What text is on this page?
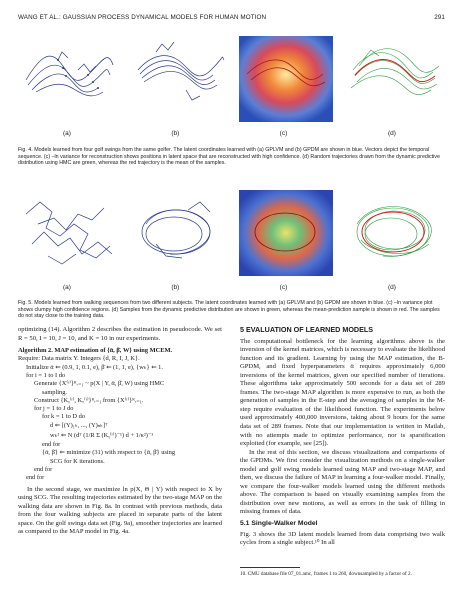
WANG ET AL.: GAUSSIAN PROCESS DYNAMICAL MODELS FOR HUMAN MOTION	291
(a)	(b)	(c)	(d)
Fig. 4. Models learned from four golf swings from the same golfer. The latent coordinates learned with (a) GPLVM and (b) GPDM are shown in blue. Vectors depict the temporal sequence. (c) –ln variance for reconstruction shows positions in latent space that are reconstructed with high confidence. (d) Random trajectories drawn from the dynamic predictive distribution using HMC are green, whereas the red trajectory is the mean of the samples.
(a)	(b)	(c)	(d)
Fig. 5. Models learned from walking sequences from two different subjects. The latent coordinates learned with (a) GPLVM and (b) GPDM are shown in blue. (c) –ln variance plot shows clumpy high confidence regions. (d) Samples from the dynamic predictive distribution are shown in green, whereas the mean-prediction sample is shown in red. The samples do not stay close to the training data.

optimizing (14). Algorithm 2 describes the estimation in pseudocode. We set R = 50, I = 10, J = 10, and K = 10 in our experiments.

Algorithm 2. MAP estimation of {ᾱ, β̄, W} using MCEM.
Require: Data matrix Y. Integers {d, R, I, J, K}.
Initialize ᾱ ⇐ (0.9, 1, 0.1, e), β̄ ⇐ (1, 1, e), {wₖ} ⇐ 1.
for i = 1 to I do
Generate {X⁽ʳ⁾}ᴿᵣ₌₁ ~ p(X | Y, ᾱ, β̄, W) using HMC
sampling.
Construct {Kᵧ⁽ʳ⁾, Kₓ⁽ʳ⁾}ᴿᵣ₌₁ from {X⁽ʳ⁾}ᴿᵣ₌₁.
for j = 1 to J do
for k = 1 to D do
d ⇐ [(Y)₁ₖ, ..., (Y)ₙₖ]ᵀ
wₖ² ⇐ N (dᵀ (1/R Σ (Kᵧ⁽ʳ⁾)⁻¹) d + 1/κ²)⁻¹
end for
{ᾱ, β̄} ⇐ minimize (31) with respect to {ᾱ, β̄} using
SCG for K iterations.
end for
end for

In the second stage, we maximize ln p(X, Θ | Y) with respect to X by using SCG. The resulting trajectories estimated by the two-stage MAP on the walking data are shown in Fig. 8a. In contrast with previous methods, data from the four walking subjects are placed in separate parts of the latent space. On the golf swings data set (Fig. 9a), smoother trajectories are learned as compared to the MAP model in Fig. 4a.

5 EVALUATION OF LEARNED MODELS

The computational bottleneck for the learning algorithms above is the inversion of the kernel matrices, which is necessary to evaluate the likelihood function and its gradient. Learning by using the MAP estimation, the B-GPDM, and fixed hyperparameters ᾱ requires approximately 6,000 inversions of the kernel matrices, given our specified number of iterations. These algorithms take approximately 500 seconds for a data set of 289 frames. The two-stage MAP algorithm is more expensive to run, as both the generation of samples in the E-step and the averaging of samples in the M-step require evaluation of the likelihood function. The experiments below used approximately 400,000 inversions, taking about 9 hours for the same data set of 289 frames. Note that our implementation is written in Matlab, with no attempts made to optimize performance, nor is sparsification exploited (for example, see [25]).

In the rest of this section, we discuss visualizations and comparisons of the GPDMs. We first consider the visualization methods on a single-walker model and golf swing models learned using MAP and two-stage MAP, and then, we discuss the failure of MAP in learning a four-walker model. Finally, we compare the four-walker models learned using the different methods above. The comparison is based on visually examining samples from the distribution over new motions, as well as errors in the task of filling in missing frames of data.

5.1 Single-Walker Model

Fig. 3 shows the 3D latent models learned from data comprising two walk cycles from a single subject.¹⁰ In all

10. CMU database file 07_01.amc, frames 1 to 260, downsampled by a factor of 2.
